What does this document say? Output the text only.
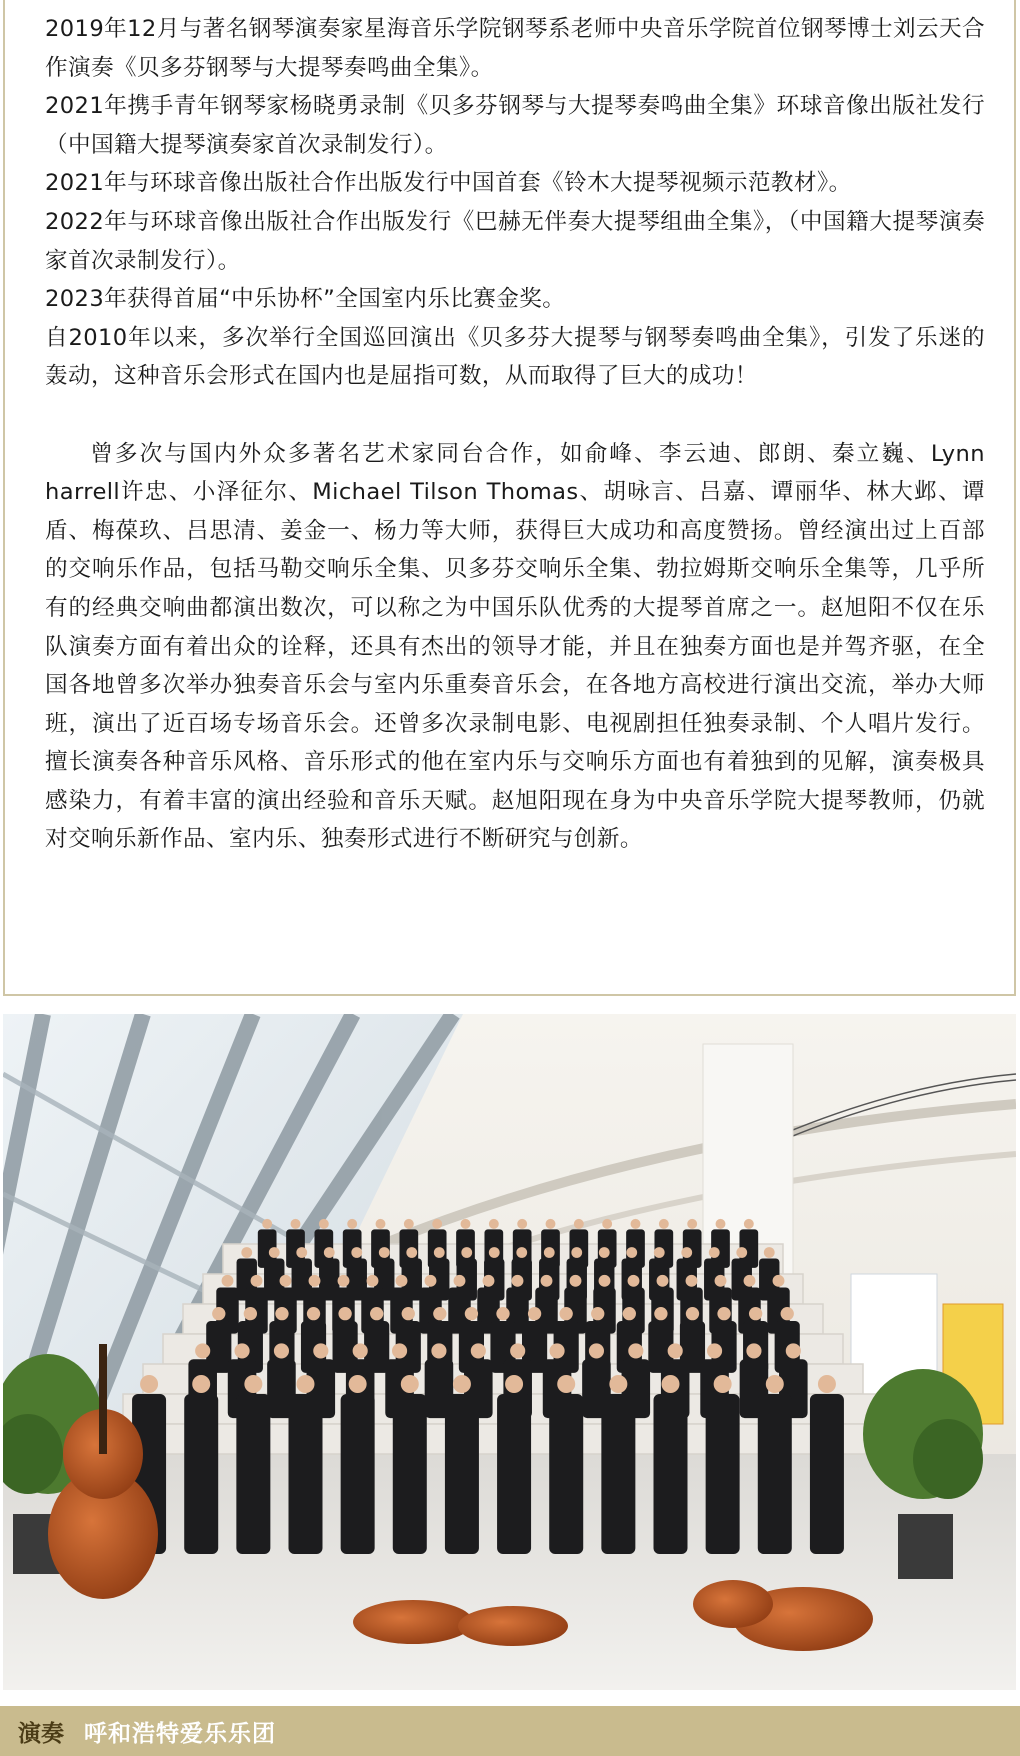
2019年12月与著名钢琴演奏家星海音乐学院钢琴系老师中央音乐学院首位钢琴博士刘云天合作演奏《贝多芬钢琴与大提琴奏鸣曲全集》。

2021年携手青年钢琴家杨晓勇录制《贝多芬钢琴与大提琴奏鸣曲全集》环球音像出版社发行（中国籍大提琴演奏家首次录制发行）。

2021年与环球音像出版社合作出版发行中国首套《铃木大提琴视频示范教材》。

2022年与环球音像出版社合作出版发行《巴赫无伴奏大提琴组曲全集》，（中国籍大提琴演奏家首次录制发行）。

2023年获得首届“中乐协杯”全国室内乐比赛金奖。

自2010年以来，多次举行全国巡回演出《贝多芬大提琴与钢琴奏鸣曲全集》，引发了乐迷的轰动，这种音乐会形式在国内也是屈指可数，从而取得了巨大的成功！

曾多次与国内外众多著名艺术家同台合作，如俞峰、李云迪、郎朗、秦立巍、Lynn harrell许忠、小泽征尔、Michael Tilson Thomas、胡咏言、吕嘉、谭丽华、林大邺、谭盾、梅葆玖、吕思清、姜金一、杨力等大师，获得巨大成功和高度赞扬。曾经演出过上百部的交响乐作品，包括马勒交响乐全集、贝多芬交响乐全集、勃拉姆斯交响乐全集等，几乎所有的经典交响曲都演出数次，可以称之为中国乐队优秀的大提琴首席之一。赵旭阳不仅在乐队演奏方面有着出众的诠释，还具有杰出的领导才能，并且在独奏方面也是并驾齐驱，在全国各地曾多次举办独奏音乐会与室内乐重奏音乐会，在各地方高校进行演出交流，举办大师班，演出了近百场专场音乐会。还曾多次录制电影、电视剧担任独奏录制、个人唱片发行。擅长演奏各种音乐风格、音乐形式的他在室内乐与交响乐方面也有着独到的见解，演奏极具感染力，有着丰富的演出经验和音乐天赋。赵旭阳现在身为中央音乐学院大提琴教师，仍就对交响乐新作品、室内乐、独奏形式进行不断研究与创新。

演奏 呼和浩特爱乐乐团
